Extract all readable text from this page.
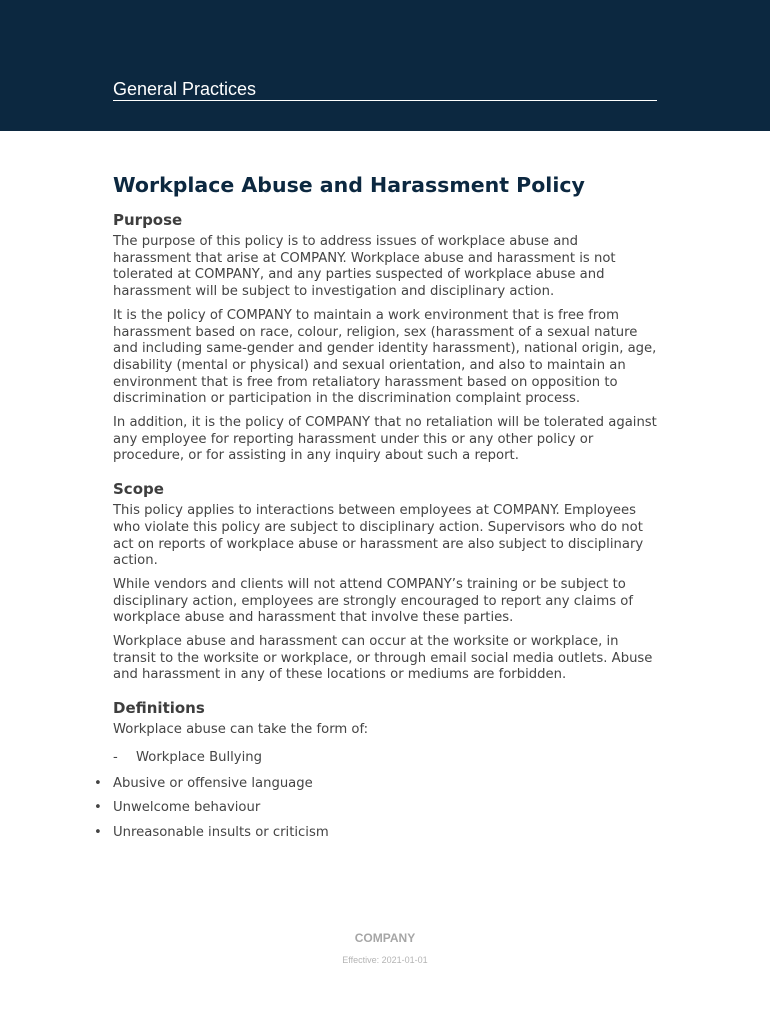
General Practices
Workplace Abuse and Harassment Policy
Purpose

The purpose of this policy is to address issues of workplace abuse and harassment that arise at COMPANY. Workplace abuse and harassment is not tolerated at COMPANY, and any parties suspected of workplace abuse and harassment will be subject to investigation and disciplinary action.

It is the policy of COMPANY to maintain a work environment that is free from harassment based on race, colour, religion, sex (harassment of a sexual nature and including same-gender and gender identity harassment), national origin, age, disability (mental or physical) and sexual orientation, and also to maintain an environment that is free from retaliatory harassment based on opposition to discrimination or participation in the discrimination complaint process.

In addition, it is the policy of COMPANY that no retaliation will be tolerated against any employee for reporting harassment under this or any other policy or procedure, or for assisting in any inquiry about such a report.

Scope

This policy applies to interactions between employees at COMPANY. Employees who violate this policy are subject to disciplinary action. Supervisors who do not act on reports of workplace abuse or harassment are also subject to disciplinary action.

While vendors and clients will not attend COMPANY’s training or be subject to disciplinary action, employees are strongly encouraged to report any claims of workplace abuse and harassment that involve these parties.

Workplace abuse and harassment can occur at the worksite or workplace, in transit to the worksite or workplace, or through email social media outlets. Abuse and harassment in any of these locations or mediums are forbidden.

Definitions

Workplace abuse can take the form of:

- Workplace Bullying
• Abusive or offensive language
• Unwelcome behaviour
• Unreasonable insults or criticism
COMPANY
Effective: 2021-01-01
